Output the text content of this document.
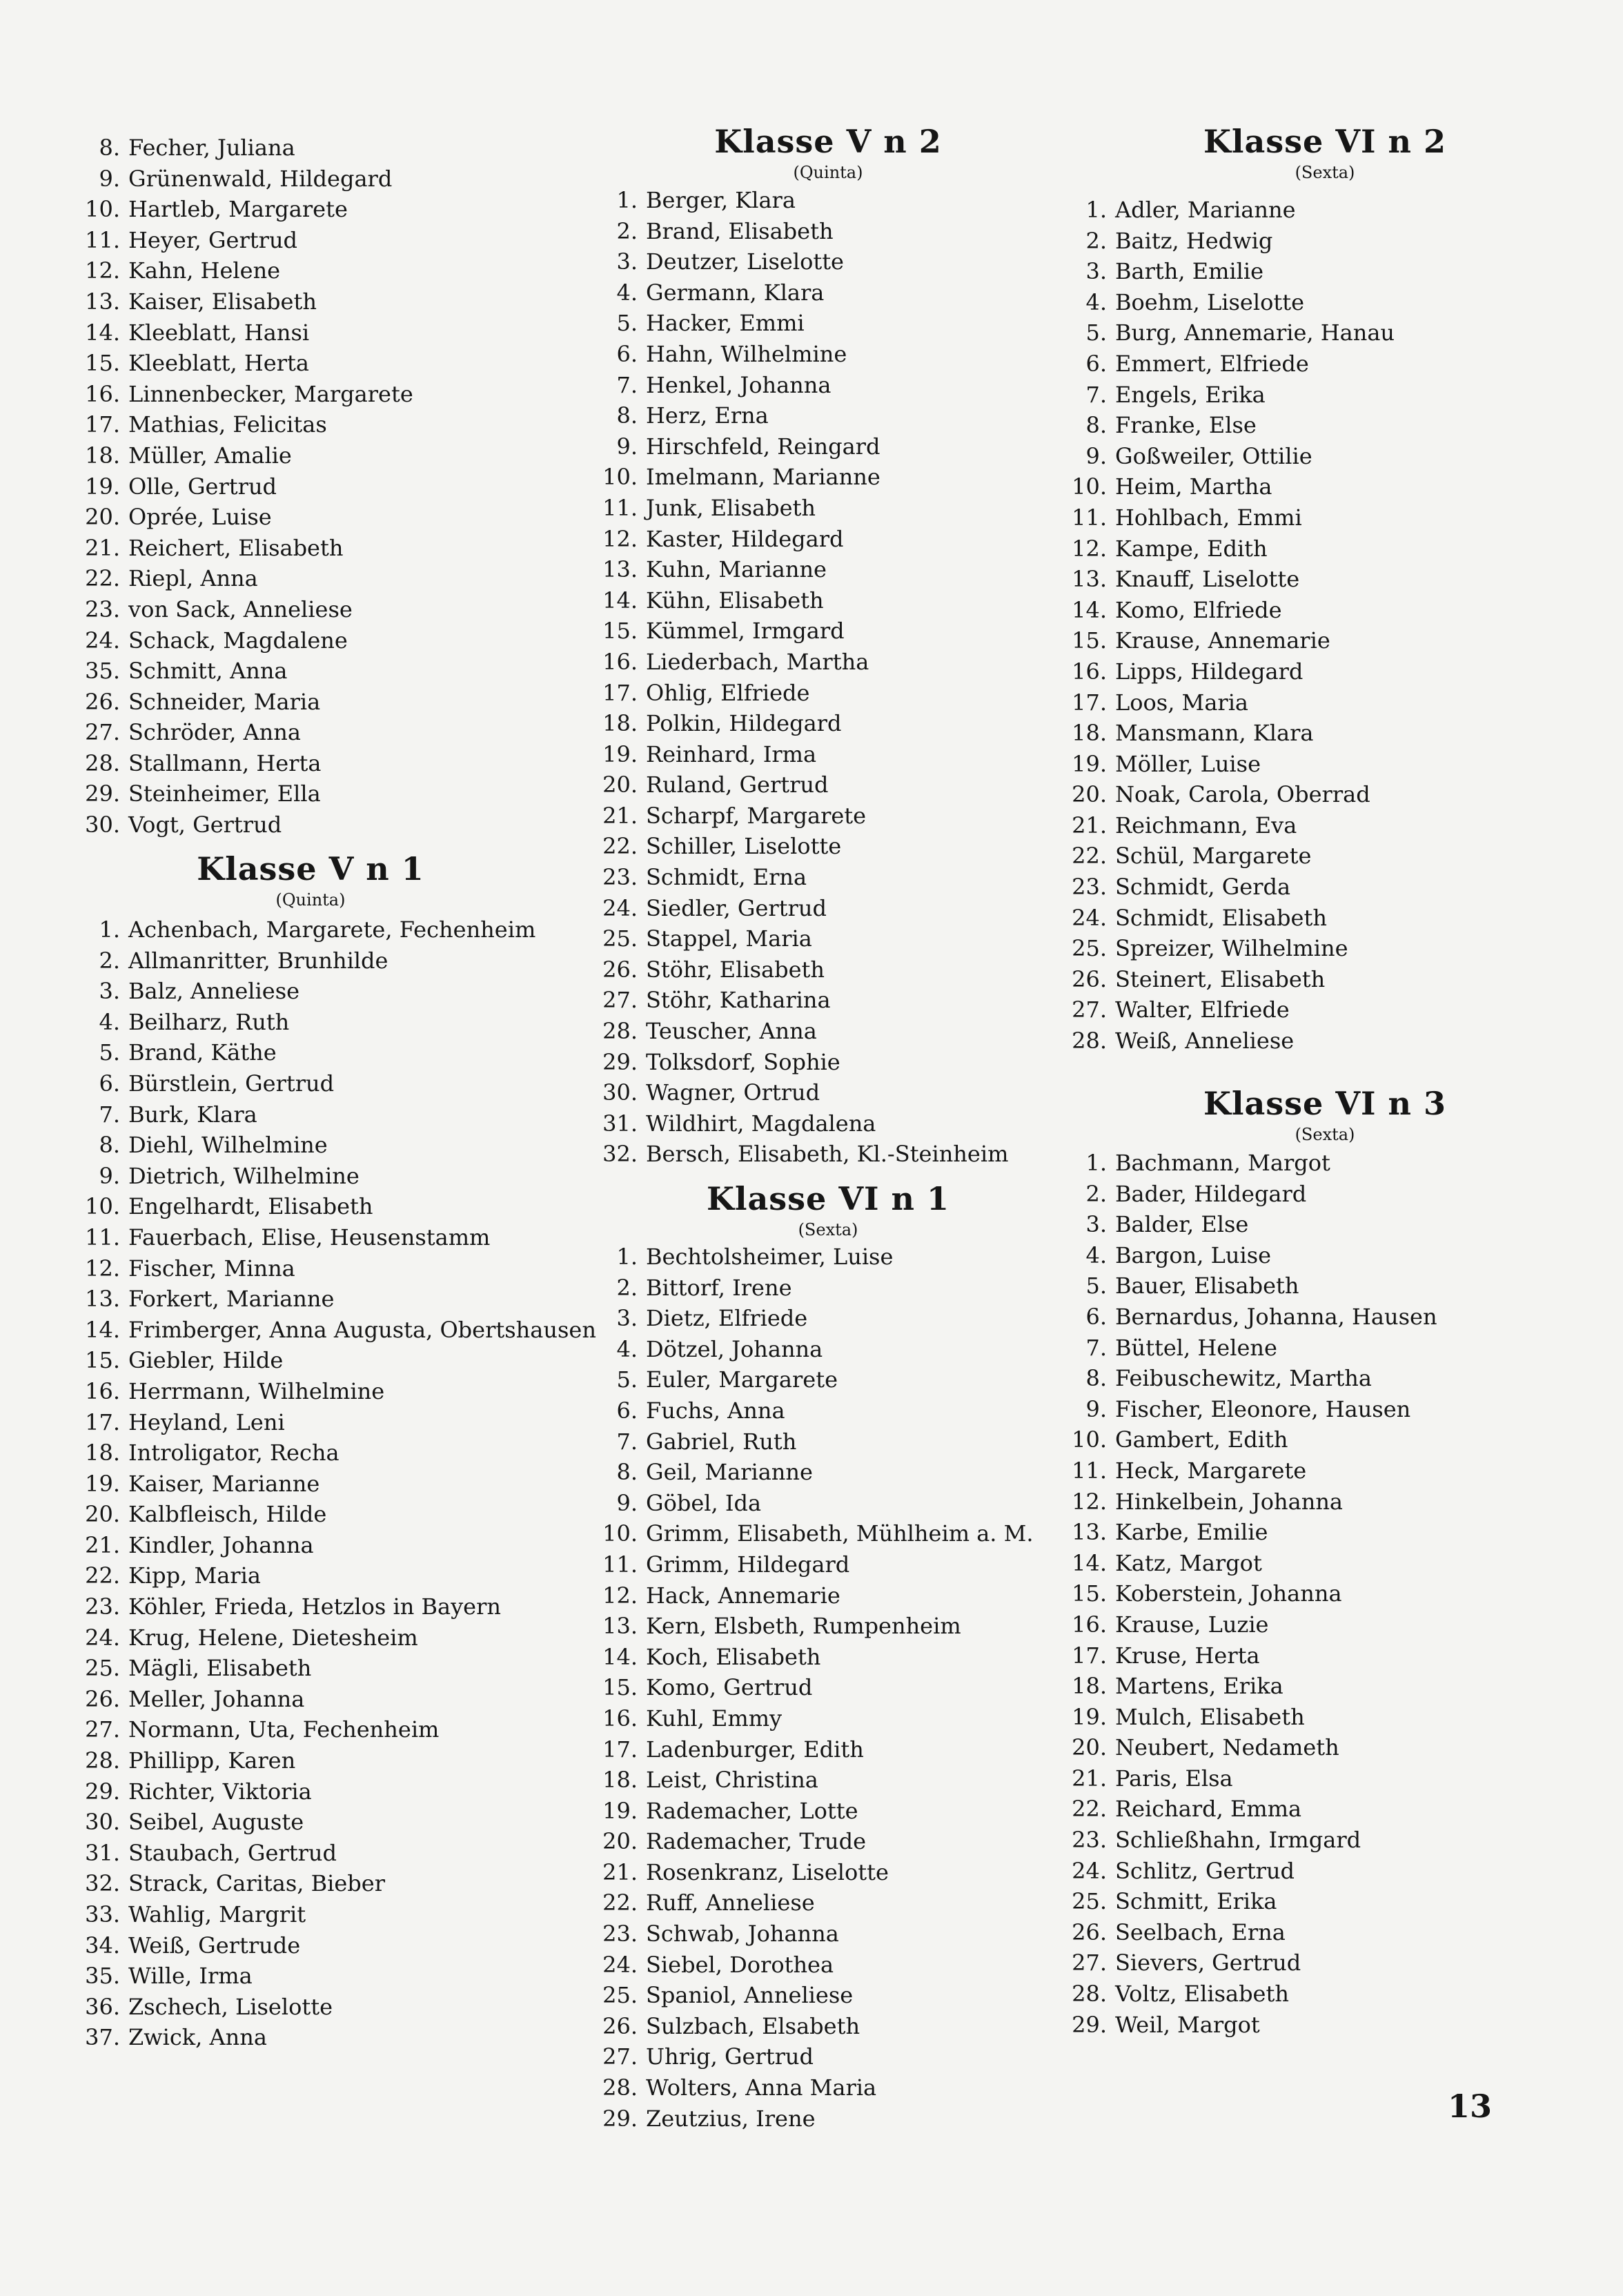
8. Fecher, Juliana
9. Grünenwald, Hildegard
10. Hartleb, Margarete
11. Heyer, Gertrud
12. Kahn, Helene
13. Kaiser, Elisabeth
14. Kleeblatt, Hansi
15. Kleeblatt, Herta
16. Linnenbecker, Margarete
17. Mathias, Felicitas
18. Müller, Amalie
19. Olle, Gertrud
20. Oprée, Luise
21. Reichert, Elisabeth
22. Riepl, Anna
23. von Sack, Anneliese
24. Schack, Magdalene
35. Schmitt, Anna
26. Schneider, Maria
27. Schröder, Anna
28. Stallmann, Herta
29. Steinheimer, Ella
30. Vogt, Gertrud
Klasse V n 1
(Quinta)
1. Achenbach, Margarete, Fechenheim
2. Allmanritter, Brunhilde
3. Balz, Anneliese
4. Beilharz, Ruth
5. Brand, Käthe
6. Bürstlein, Gertrud
7. Burk, Klara
8. Diehl, Wilhelmine
9. Dietrich, Wilhelmine
10. Engelhardt, Elisabeth
11. Fauerbach, Elise, Heusenstamm
12. Fischer, Minna
13. Forkert, Marianne
14. Frimberger, Anna Augusta, Obertshausen
15. Giebler, Hilde
16. Herrmann, Wilhelmine
17. Heyland, Leni
18. Introligator, Recha
19. Kaiser, Marianne
20. Kalbfleisch, Hilde
21. Kindler, Johanna
22. Kipp, Maria
23. Köhler, Frieda, Hetzlos in Bayern
24. Krug, Helene, Dietesheim
25. Mägli, Elisabeth
26. Meller, Johanna
27. Normann, Uta, Fechenheim
28. Phillipp, Karen
29. Richter, Viktoria
30. Seibel, Auguste
31. Staubach, Gertrud
32. Strack, Caritas, Bieber
33. Wahlig, Margrit
34. Weiß, Gertrude
35. Wille, Irma
36. Zschech, Liselotte
37. Zwick, Anna
Klasse V n 2
(Quinta)
1. Berger, Klara
2. Brand, Elisabeth
3. Deutzer, Liselotte
4. Germann, Klara
5. Hacker, Emmi
6. Hahn, Wilhelmine
7. Henkel, Johanna
8. Herz, Erna
9. Hirschfeld, Reingard
10. Imelmann, Marianne
11. Junk, Elisabeth
12. Kaster, Hildegard
13. Kuhn, Marianne
14. Kühn, Elisabeth
15. Kümmel, Irmgard
16. Liederbach, Martha
17. Ohlig, Elfriede
18. Polkin, Hildegard
19. Reinhard, Irma
20. Ruland, Gertrud
21. Scharpf, Margarete
22. Schiller, Liselotte
23. Schmidt, Erna
24. Siedler, Gertrud
25. Stappel, Maria
26. Stöhr, Elisabeth
27. Stöhr, Katharina
28. Teuscher, Anna
29. Tolksdorf, Sophie
30. Wagner, Ortrud
31. Wildhirt, Magdalena
32. Bersch, Elisabeth, Kl.-Steinheim
Klasse VI n 1
(Sexta)
1. Bechtolsheimer, Luise
2. Bittorf, Irene
3. Dietz, Elfriede
4. Dötzel, Johanna
5. Euler, Margarete
6. Fuchs, Anna
7. Gabriel, Ruth
8. Geil, Marianne
9. Göbel, Ida
10. Grimm, Elisabeth, Mühlheim a. M.
11. Grimm, Hildegard
12. Hack, Annemarie
13. Kern, Elsbeth, Rumpenheim
14. Koch, Elisabeth
15. Komo, Gertrud
16. Kuhl, Emmy
17. Ladenburger, Edith
18. Leist, Christina
19. Rademacher, Lotte
20. Rademacher, Trude
21. Rosenkranz, Liselotte
22. Ruff, Anneliese
23. Schwab, Johanna
24. Siebel, Dorothea
25. Spaniol, Anneliese
26. Sulzbach, Elsabeth
27. Uhrig, Gertrud
28. Wolters, Anna Maria
29. Zeutzius, Irene
Klasse VI n 2
(Sexta)
1. Adler, Marianne
2. Baitz, Hedwig
3. Barth, Emilie
4. Boehm, Liselotte
5. Burg, Annemarie, Hanau
6. Emmert, Elfriede
7. Engels, Erika
8. Franke, Else
9. Goßweiler, Ottilie
10. Heim, Martha
11. Hohlbach, Emmi
12. Kampe, Edith
13. Knauff, Liselotte
14. Komo, Elfriede
15. Krause, Annemarie
16. Lipps, Hildegard
17. Loos, Maria
18. Mansmann, Klara
19. Möller, Luise
20. Noak, Carola, Oberrad
21. Reichmann, Eva
22. Schül, Margarete
23. Schmidt, Gerda
24. Schmidt, Elisabeth
25. Spreizer, Wilhelmine
26. Steinert, Elisabeth
27. Walter, Elfriede
28. Weiß, Anneliese
Klasse VI n 3
(Sexta)
1. Bachmann, Margot
2. Bader, Hildegard
3. Balder, Else
4. Bargon, Luise
5. Bauer, Elisabeth
6. Bernardus, Johanna, Hausen
7. Büttel, Helene
8. Feibuschewitz, Martha
9. Fischer, Eleonore, Hausen
10. Gambert, Edith
11. Heck, Margarete
12. Hinkelbein, Johanna
13. Karbe, Emilie
14. Katz, Margot
15. Koberstein, Johanna
16. Krause, Luzie
17. Kruse, Herta
18. Martens, Erika
19. Mulch, Elisabeth
20. Neubert, Nedameth
21. Paris, Elsa
22. Reichard, Emma
23. Schließhahn, Irmgard
24. Schlitz, Gertrud
25. Schmitt, Erika
26. Seelbach, Erna
27. Sievers, Gertrud
28. Voltz, Elisabeth
29. Weil, Margot
13
